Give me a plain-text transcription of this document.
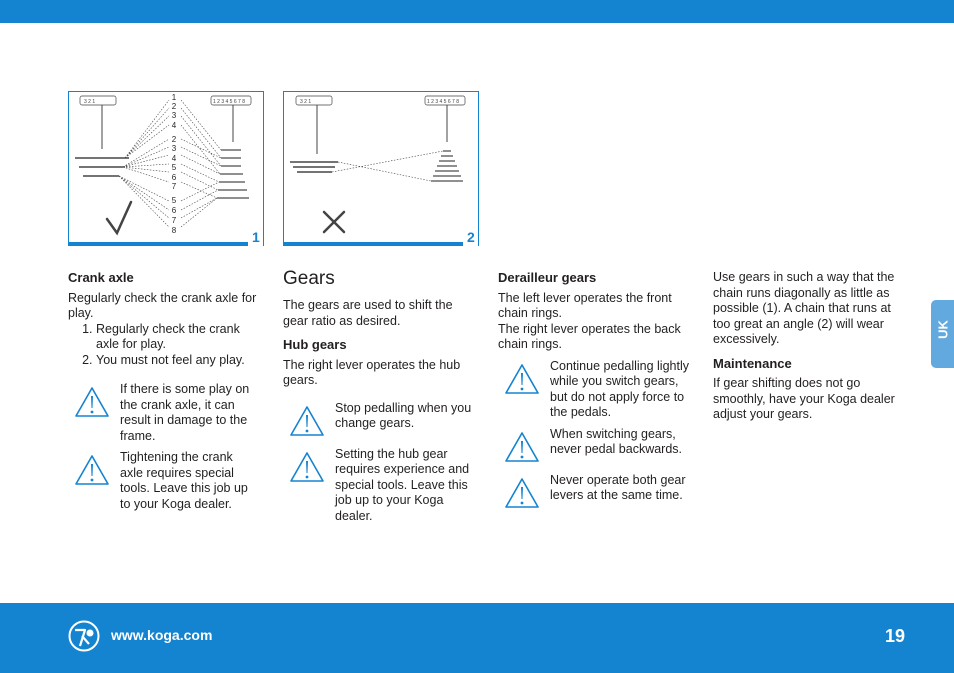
3 2 1	1 2 3 4 5 6 7 8
1
2
3
4
2
3
4
5
6
7
5
6
7
8	1
3 2 1	1 2 3 4 5 6 7 8
2
Crank axle
Regularly check the crank axle for play.
1. Regularly check the crank axle for play.
2. You must not feel any play.
If there is some play on the crank axle, it can result in damage to the frame.
Tightening the crank axle requires special tools. Leave this job up to your Koga dealer.
Gears
The gears are used to shift the gear ratio as desired.
Hub gears
The right lever operates the hub gears.
Stop pedalling when you change gears.
Setting the hub gear requires experience and special tools. Leave this job up to your Koga dealer.
Derailleur gears
The left lever operates the front chain rings.
The right lever operates the back chain rings.
Continue pedalling lightly while you switch gears, but do not apply force to the pedals.
When switching gears, never pedal backwards.
Never operate both gear levers at the same time.
Use gears in such a way that the chain runs diagonally as little as possible (1). A chain that runs at too great an angle (2) will wear excessively.
Maintenance
If gear shifting does not go smoothly, have your Koga dealer adjust your gears.
UK
www.koga.com	19
